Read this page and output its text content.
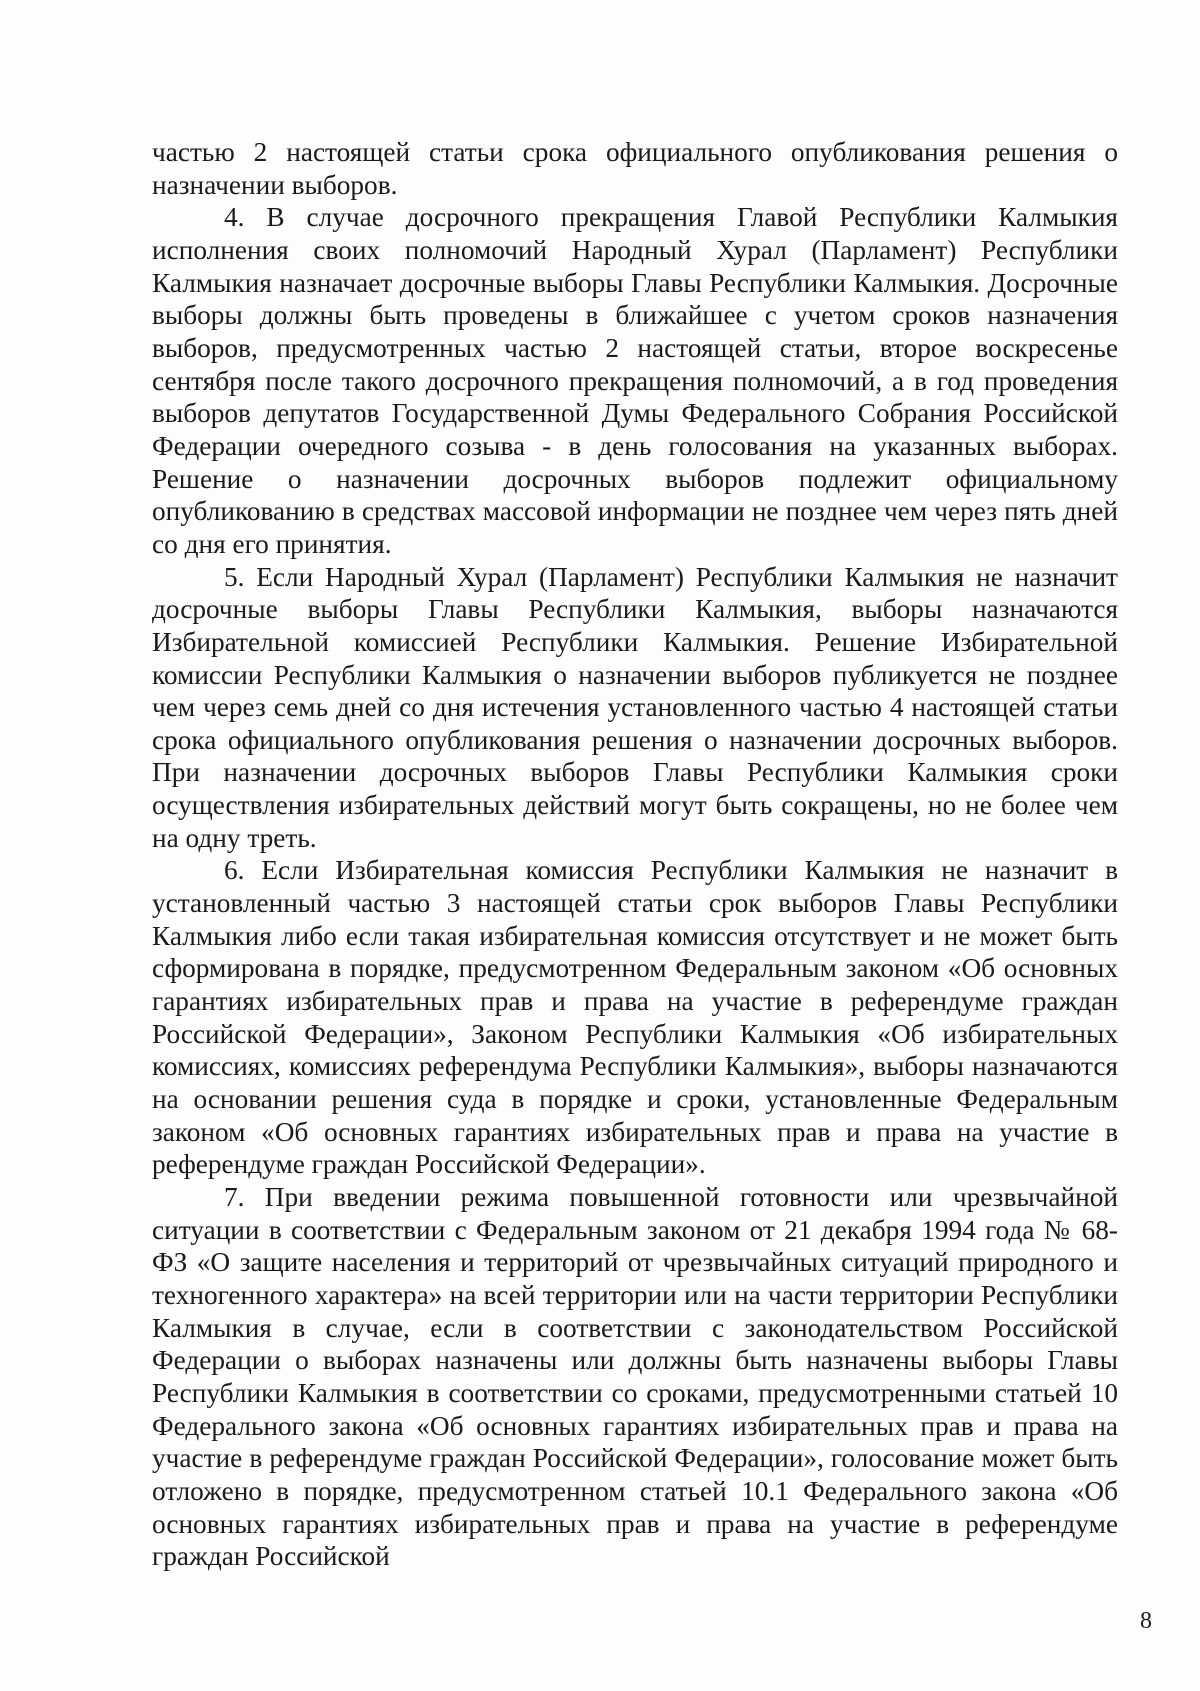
частью 2 настоящей статьи срока официального опубликования решения о назначении выборов.

4. В случае досрочного прекращения Главой Республики Калмыкия исполнения своих полномочий Народный Хурал (Парламент) Республики Калмыкия назначает досрочные выборы Главы Республики Калмыкия. Досрочные выборы должны быть проведены в ближайшее с учетом сроков назначения выборов, предусмотренных частью 2 настоящей статьи, второе воскресенье сентября после такого досрочного прекращения полномочий, а в год проведения выборов депутатов Государственной Думы Федерального Собрания Российской Федерации очередного созыва - в день голосования на указанных выборах. Решение о назначении досрочных выборов подлежит официальному опубликованию в средствах массовой информации не позднее чем через пять дней со дня его принятия.

5. Если Народный Хурал (Парламент) Республики Калмыкия не назначит досрочные выборы Главы Республики Калмыкия, выборы назначаются Избирательной комиссией Республики Калмыкия. Решение Избирательной комиссии Республики Калмыкия о назначении выборов публикуется не позднее чем через семь дней со дня истечения установленного частью 4 настоящей статьи срока официального опубликования решения о назначении досрочных выборов. При назначении досрочных выборов Главы Республики Калмыкия сроки осуществления избирательных действий могут быть сокращены, но не более чем на одну треть.

6. Если Избирательная комиссия Республики Калмыкия не назначит в установленный частью 3 настоящей статьи срок выборов Главы Республики Калмыкия либо если такая избирательная комиссия отсутствует и не может быть сформирована в порядке, предусмотренном Федеральным законом «Об основных гарантиях избирательных прав и права на участие в референдуме граждан Российской Федерации», Законом Республики Калмыкия «Об избирательных комиссиях, комиссиях референдума Республики Калмыкия», выборы назначаются на основании решения суда в порядке и сроки, установленные Федеральным законом «Об основных гарантиях избирательных прав и права на участие в референдуме граждан Российской Федерации».

7. При введении режима повышенной готовности или чрезвычайной ситуации в соответствии с Федеральным законом от 21 декабря 1994 года № 68-ФЗ «О защите населения и территорий от чрезвычайных ситуаций природного и техногенного характера» на всей территории или на части территории Республики Калмыкия в случае, если в соответствии с законодательством Российской Федерации о выборах назначены или должны быть назначены выборы Главы Республики Калмыкия в соответствии со сроками, предусмотренными статьей 10 Федерального закона «Об основных гарантиях избирательных прав и права на участие в референдуме граждан Российской Федерации», голосование может быть отложено в порядке, предусмотренном статьей 10.1 Федерального закона «Об основных гарантиях избирательных прав и права на участие в референдуме граждан Российской

8
